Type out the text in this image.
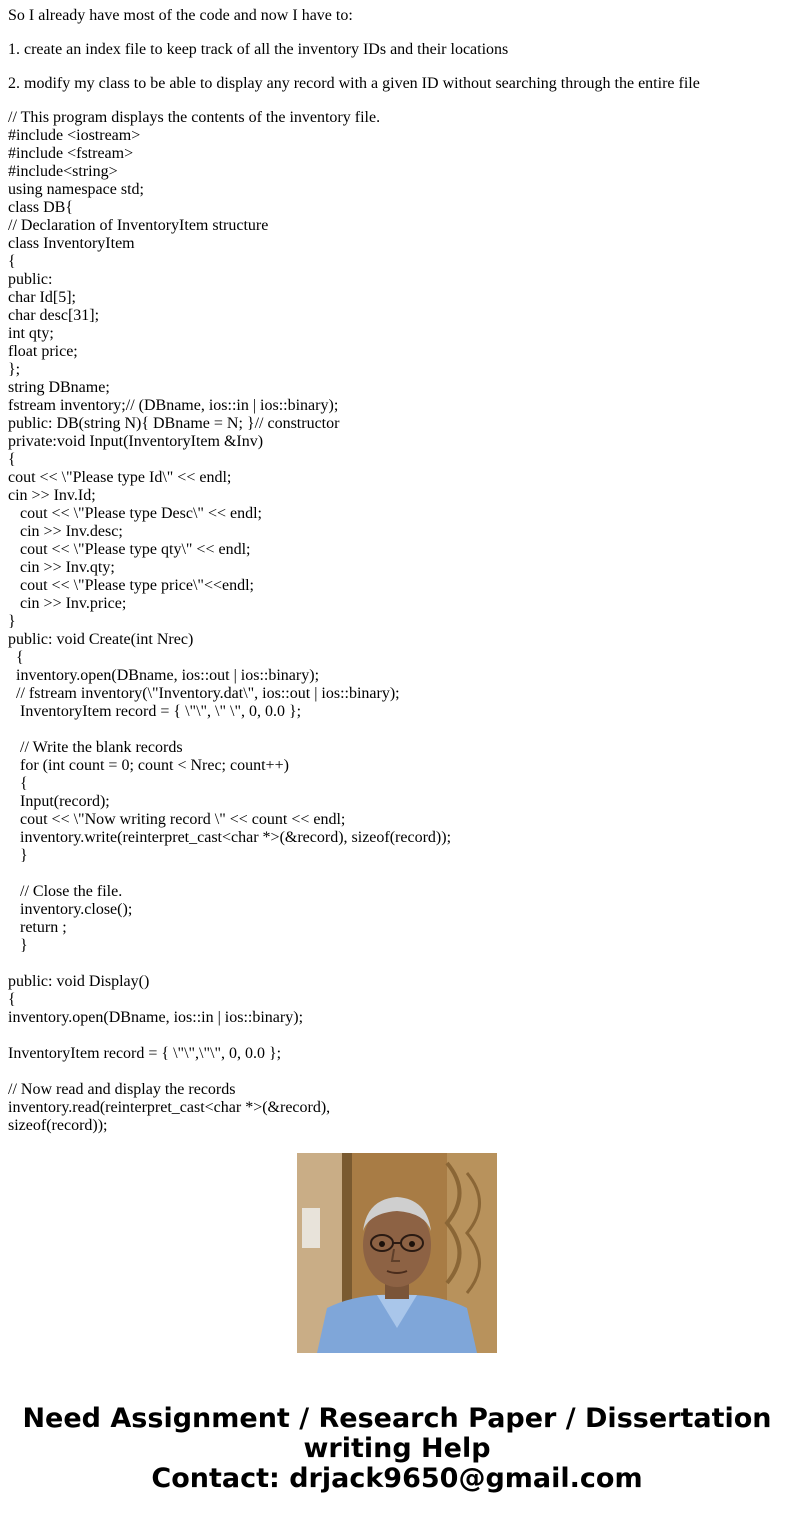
So I already have most of the code and now I have to:

1. create an index file to keep track of all the inventory IDs and their locations

2. modify my class to be able to display any record with a given ID without searching through the entire file

// This program displays the contents of the inventory file.
#include <iostream>
#include <fstream>
#include<string>
using namespace std;
class DB{
// Declaration of InventoryItem structure
class InventoryItem
{
public:
char Id[5];
char desc[31];
int qty;
float price;
};
string DBname;
fstream inventory;// (DBname, ios::in | ios::binary);
public: DB(string N){ DBname = N; }// constructor
private:void Input(InventoryItem &Inv)
{
cout << \"Please type Id\" << endl;
cin >> Inv.Id;
cout << \"Please type Desc\" << endl;
cin >> Inv.desc;
cout << \"Please type qty\" << endl;
cin >> Inv.qty;
cout << \"Please type price\"<<endl;
cin >> Inv.price;
}
public: void Create(int Nrec)
{
inventory.open(DBname, ios::out | ios::binary);
// fstream inventory(\"Inventory.dat\", ios::out | ios::binary);
InventoryItem record = { \"\", \" \", 0, 0.0 };
// Write the blank records
for (int count = 0; count < Nrec; count++)
{
Input(record);
cout << \"Now writing record \" << count << endl;
inventory.write(reinterpret_cast<char *>(&record), sizeof(record));
}
// Close the file.
inventory.close();
return ;
}
public: void Display()
{
inventory.open(DBname, ios::in | ios::binary);
InventoryItem record = { \"\",\"\", 0, 0.0 };
// Now read and display the records
inventory.read(reinterpret_cast<char *>(&record),
sizeof(record));
Need Assignment / Research Paper / Dissertation
writing Help
Contact: drjack9650@gmail.com
